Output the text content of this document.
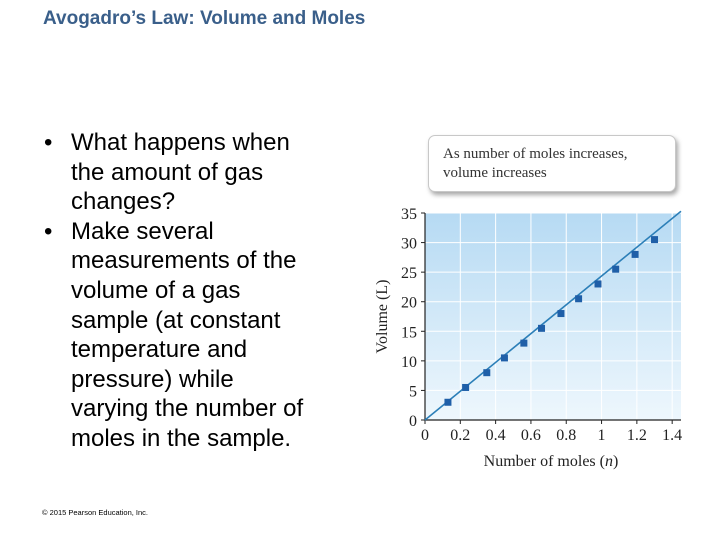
Avogadro’s Law: Volume and Moles
• What happens when
the amount of gas
changes?
• Make several
measurements of the
volume of a gas
sample (at constant
temperature and
pressure) while
varying the number of
moles in the sample.
© 2015 Pearson Education, Inc.
0
5
10
15
20
25
30
35
0 0.2 0.4 0.6 0.8 1 1.2 1.4
Volume (L)
Number of moles (n)
As number of moles increases,
volume increases
